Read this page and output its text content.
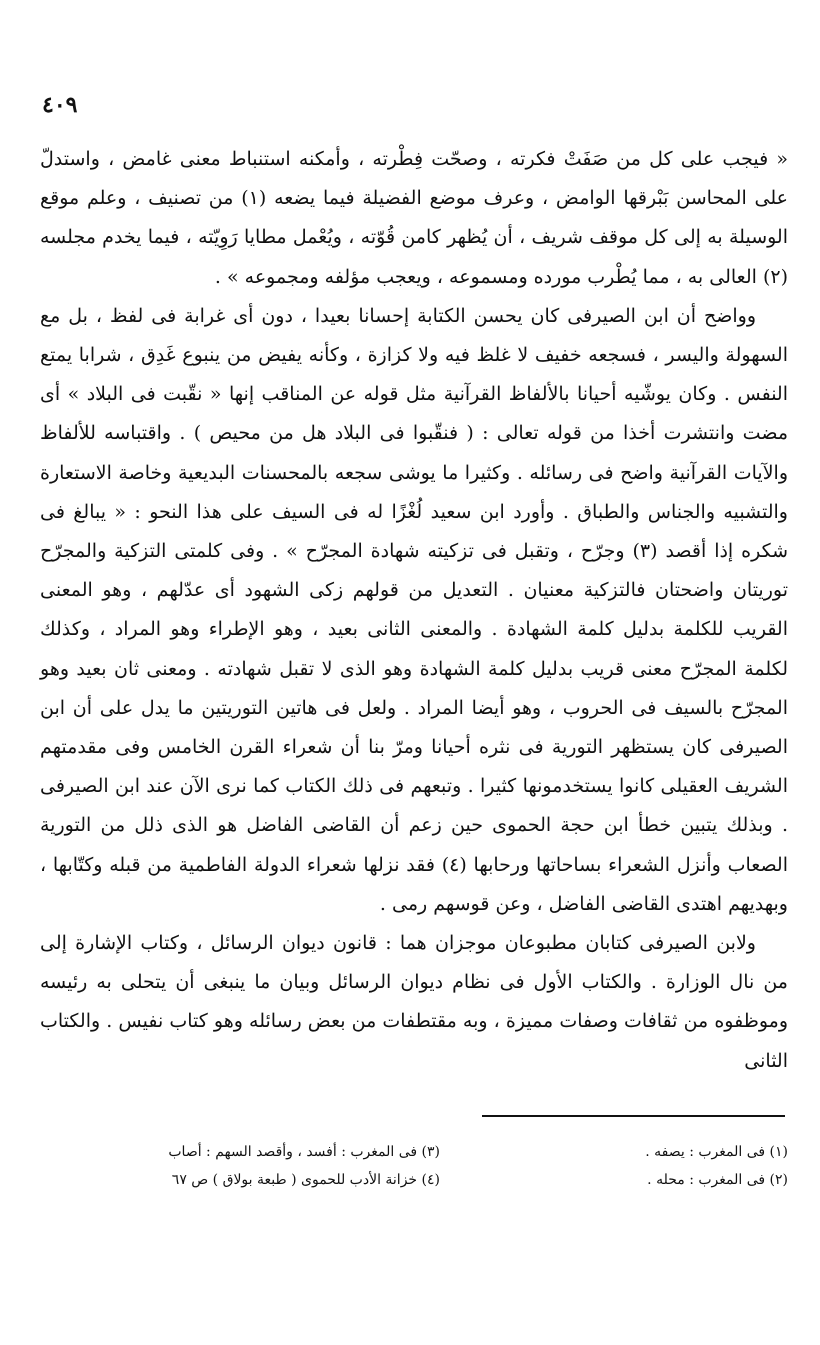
٤٠٩

« فيجب على كل من صَفَتْ فكرته ، وصحّت فِطْرته ، وأمكنه استنباط معنى غامض ، واستدلّ على المحاسن بَبْرقها الوامض ، وعرف موضع الفضيلة فيما يضعه (١) من تصنيف ، وعلم موقع الوسيلة به إلى كل موقف شريف ، أن يُظهر كامن قُوّته ، ويُعْمل مطايا رَوِيّته ، فيما يخدم مجلسه (٢) العالى به ، مما يُطْرب مورده ومسموعه ، ويعجب مؤلفه ومجموعه » .

وواضح أن ابن الصيرفى كان يحسن الكتابة إحسانا بعيدا ، دون أى غرابة فى لفظ ، بل مع السهولة واليسر ، فسجعه خفيف لا غلظ فيه ولا كزازة ، وكأنه يفيض من ينبوع غَدِق ، شرابا يمتع النفس . وكان يوشّيه أحيانا بالألفاظ القرآنية مثل قوله عن المناقب إنها « نقّبت فى البلاد » أى مضت وانتشرت أخذا من قوله تعالى : ( فنقّبوا فى البلاد هل من محيص ) . واقتباسه للألفاظ والآيات القرآنية واضح فى رسائله . وكثيرا ما يوشى سجعه بالمحسنات البديعية وخاصة الاستعارة والتشبيه والجناس والطباق . وأورد ابن سعيد لُغْزًا له فى السيف على هذا النحو : « يبالغ فى شكره إذا أقصد (٣) وجرّح ، وتقبل فى تزكيته شهادة المجرّح » . وفى كلمتى التزكية والمجرّح توريتان واضحتان فالتزكية معنيان . التعديل من قولهم زكى الشهود أى عدّلهم ، وهو المعنى القريب للكلمة بدليل كلمة الشهادة . والمعنى الثانى بعيد ، وهو الإطراء وهو المراد ، وكذلك لكلمة المجرّح معنى قريب بدليل كلمة الشهادة وهو الذى لا تقبل شهادته . ومعنى ثان بعيد وهو المجرّح بالسيف فى الحروب ، وهو أيضا المراد . ولعل فى هاتين التوريتين ما يدل على أن ابن الصيرفى كان يستظهر التورية فى نثره أحيانا ومرّ بنا أن شعراء القرن الخامس وفى مقدمتهم الشريف العقيلى كانوا يستخدمونها كثيرا . وتبعهم فى ذلك الكتاب كما نرى الآن عند ابن الصيرفى . وبذلك يتبين خطأ ابن حجة الحموى حين زعم أن القاضى الفاضل هو الذى ذلل من التورية الصعاب وأنزل الشعراء بساحاتها ورحابها (٤) فقد نزلها شعراء الدولة الفاطمية من قبله وكتّابها ، وبهديهم اهتدى القاضى الفاضل ، وعن قوسهم رمى .

ولابن الصيرفى كتابان مطبوعان موجزان هما : قانون ديوان الرسائل ، وكتاب الإشارة إلى من نال الوزارة . والكتاب الأول فى نظام ديوان الرسائل وبيان ما ينبغى أن يتحلى به رئيسه وموظفوه من ثقافات وصفات مميزة ، وبه مقتطفات من بعض رسائله وهو كتاب نفيس . والكتاب الثانى

(١) فى المغرب : يصفه .
(٢) فى المغرب : محله .
(٣) فى المغرب : أفسد ، وأقصد السهم : أصاب
(٤) خزانة الأدب للحموى ( طبعة بولاق ) ص ٦٧
